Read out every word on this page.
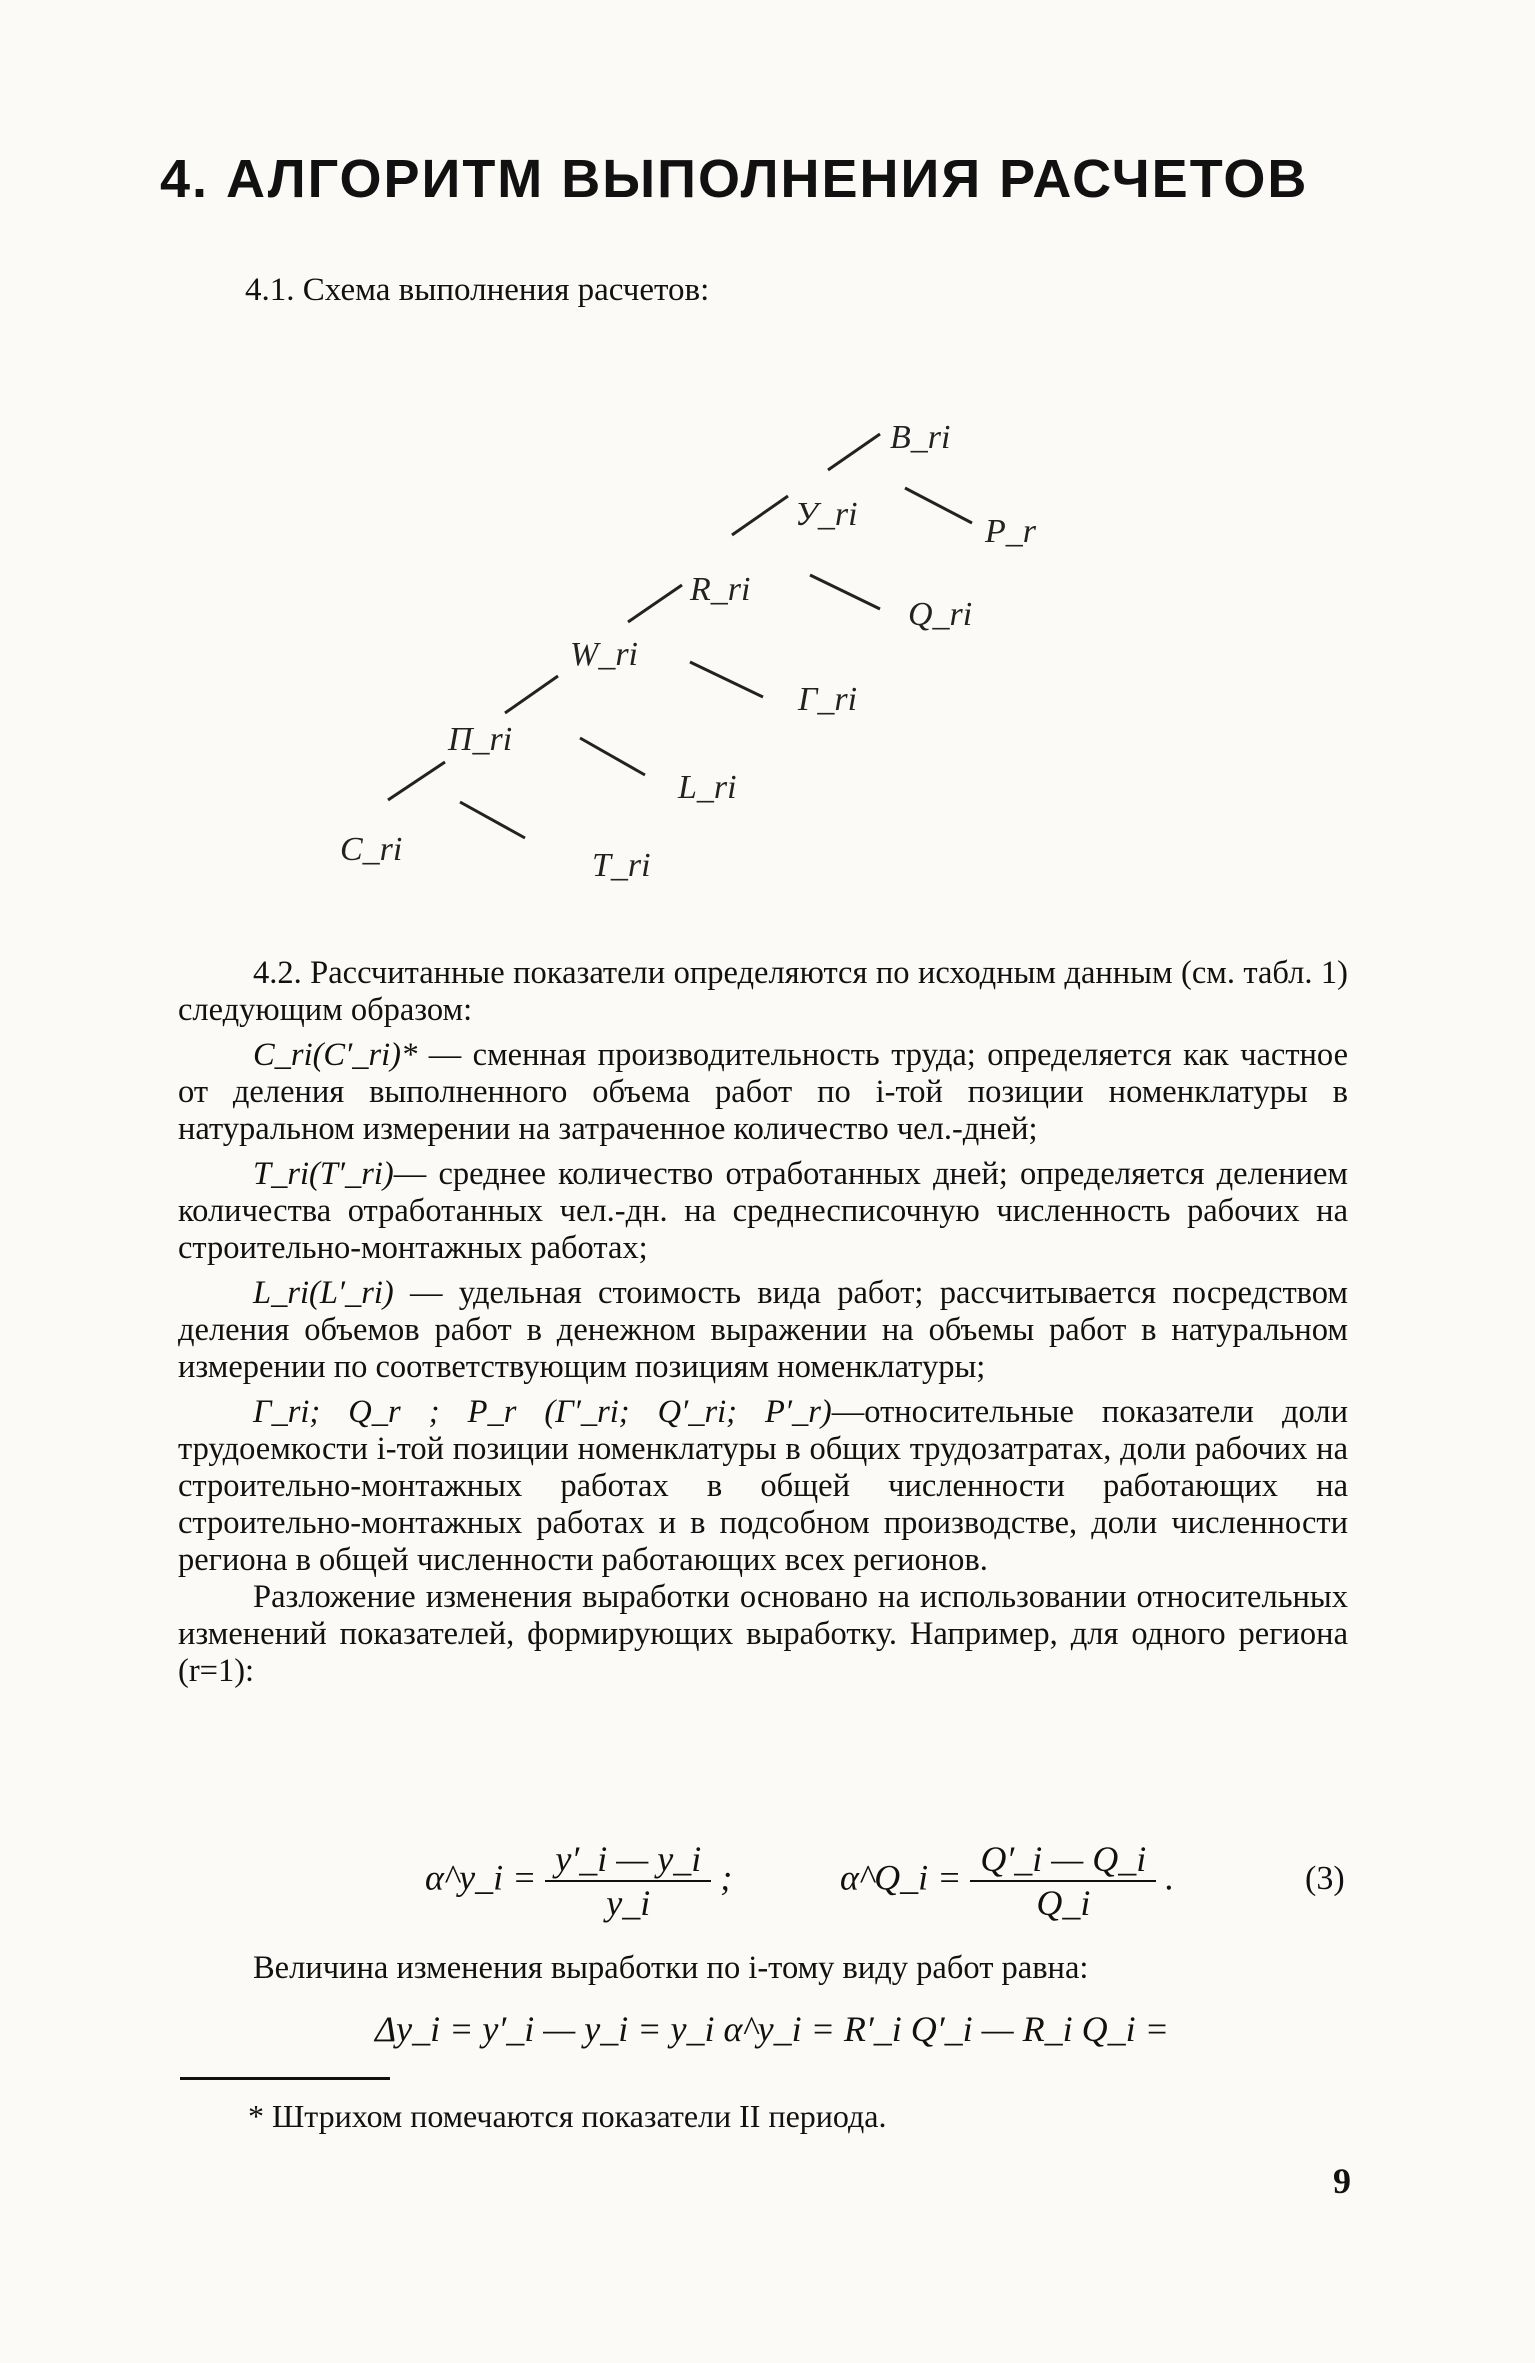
4. АЛГОРИТМ ВЫПОЛНЕНИЯ РАСЧЕТОВ
4.1. Схема выполнения расчетов:
C_ri
П_ri
W_ri
R_ri
У_ri
B_ri
P_r
Q_ri
Г_ri
L_ri
T_ri

4.2. Рассчитанные показатели определяются по исходным данным (см. табл. 1) следующим образом:

C_ri(C′_ri)* — сменная производительность труда; определяется как частное от деления выполненного объема работ по i-той позиции номенклатуры в натуральном измерении на затраченное количество чел.-дней;

T_ri(T′_ri)— среднее количество отработанных дней; определяется делением количества отработанных чел.-дн. на среднесписочную численность рабочих на строительно-монтажных работах;

L_ri(L′_ri) — удельная стоимость вида работ; рассчитывается посредством деления объемов работ в денежном выражении на объемы работ в натуральном измерении по соответствующим позициям номенклатуры;

Г_ri; Q_r ; P_r (Г′_ri; Q′_ri; P′_r)—относительные показатели доли трудоемкости i-той позиции номенклатуры в общих трудозатратах, доли рабочих на строительно-монтажных работах в общей численности работающих на строительно-монтажных работах и в подсобном производстве, доли численности региона в общей численности работающих всех регионов.

Разложение изменения выработки основано на использовании относительных изменений показателей, формирующих выработку. Например, для одного региона (r=1):

α^y_i = $\frac{y'\_i — y\_i}{y\_i}$ ;	α^Q_i = $\frac{Q'\_i — Q\_i}{Q\_i}$ .	(3)

Величина изменения выработки по i-тому виду работ равна:

Δy_i = y′_i — y_i = y_i α^y_i = R′_i Q′_i — R_i Q_i =
* Штрихом помечаются показатели II периода.
9
